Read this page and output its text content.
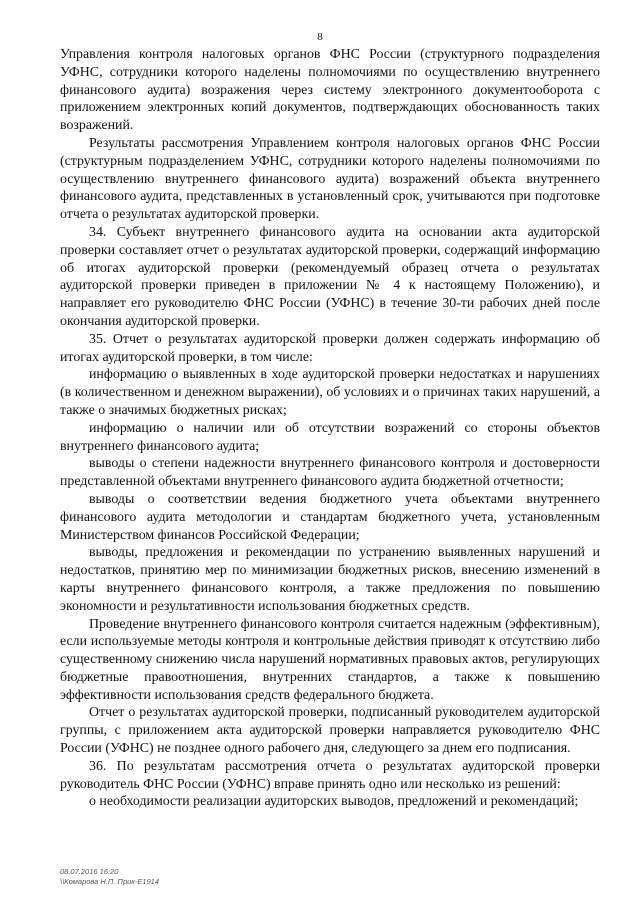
8

Управления контроля налоговых органов ФНС России (структурного подразделения УФНС, сотрудники которого наделены полномочиями по осуществлению внутреннего финансового аудита) возражения через систему электронного документооборота с приложением электронных копий документов, подтверждающих обоснованность таких возражений.

Результаты рассмотрения Управлением контроля налоговых органов ФНС России (структурным подразделением УФНС, сотрудники которого наделены полномочиями по осуществлению внутреннего финансового аудита) возражений объекта внутреннего финансового аудита, представленных в установленный срок, учитываются при подготовке отчета о результатах аудиторской проверки.

34. Субъект внутреннего финансового аудита на основании акта аудиторской проверки составляет отчет о результатах аудиторской проверки, содержащий информацию об итогах аудиторской проверки (рекомендуемый образец отчета о результатах аудиторской проверки приведен в приложении № 4 к настоящему Положению), и направляет его руководителю ФНС России (УФНС) в течение 30-ти рабочих дней после окончания аудиторской проверки.

35. Отчет о результатах аудиторской проверки должен содержать информацию об итогах аудиторской проверки, в том числе:

информацию о выявленных в ходе аудиторской проверки недостатках и нарушениях (в количественном и денежном выражении), об условиях и о причинах таких нарушений, а также о значимых бюджетных рисках;

информацию о наличии или об отсутствии возражений со стороны объектов внутреннего финансового аудита;

выводы о степени надежности внутреннего финансового контроля и достоверности представленной объектами внутреннего финансового аудита бюджетной отчетности;

выводы о соответствии ведения бюджетного учета объектами внутреннего финансового аудита методологии и стандартам бюджетного учета, установленным Министерством финансов Российской Федерации;

выводы, предложения и рекомендации по устранению выявленных нарушений и недостатков, принятию мер по минимизации бюджетных рисков, внесению изменений в карты внутреннего финансового контроля, а также предложения по повышению экономности и результативности использования бюджетных средств.

Проведение внутреннего финансового контроля считается надежным (эффективным), если используемые методы контроля и контрольные действия приводят к отсутствию либо существенному снижению числа нарушений нормативных правовых актов, регулирующих бюджетные правоотношения, внутренних стандартов, а также к повышению эффективности использования средств федерального бюджета.

Отчет о результатах аудиторской проверки, подписанный руководителем аудиторской группы, с приложением акта аудиторской проверки направляется руководителю ФНС России (УФНС) не позднее одного рабочего дня, следующего за днем его подписания.

36. По результатам рассмотрения отчета о результатах аудиторской проверки руководитель ФНС России (УФНС) вправе принять одно или несколько из решений:

о необходимости реализации аудиторских выводов, предложений и рекомендаций;

08.07.2016 16:20
\\Комарова Н.П. Прик-Е1914
